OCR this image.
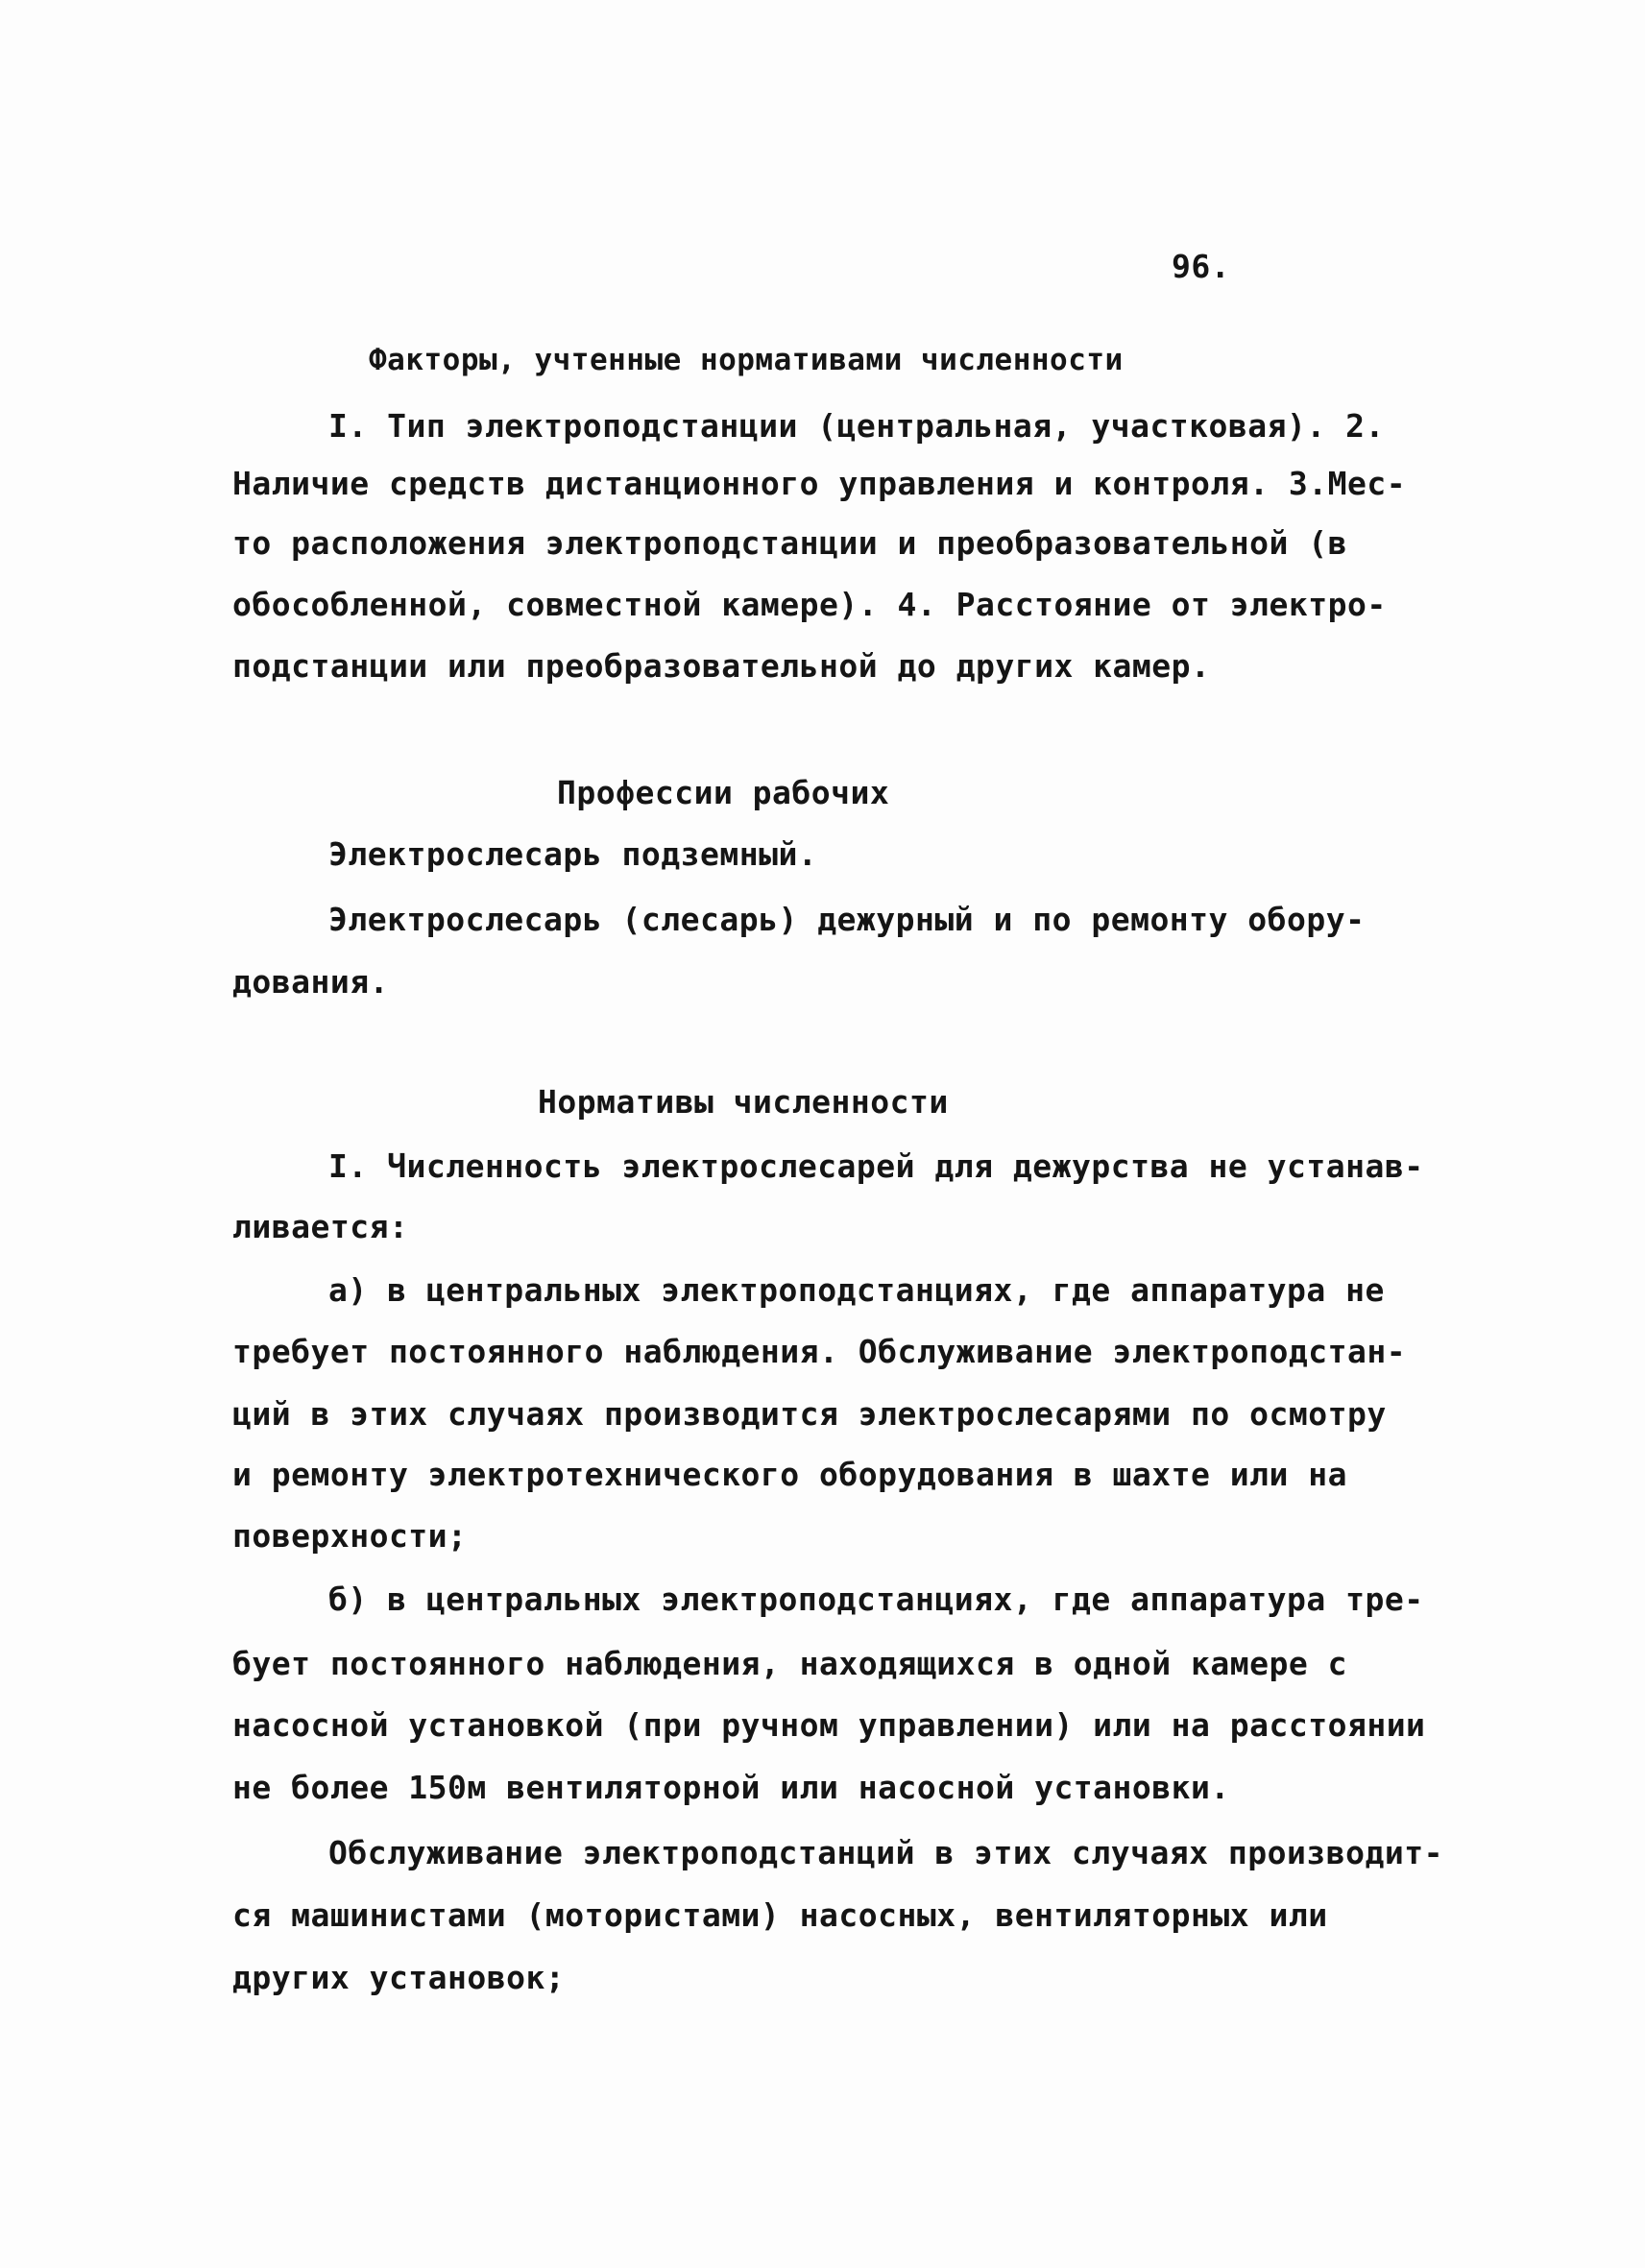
96.
Факторы, учтенные нормативами численности
I. Тип электроподстанции (центральная, участковая). 2.
Наличие средств дистанционного управления и контроля. 3.Мес-
то расположения электроподстанции и преобразовательной (в
обособленной, совместной камере). 4. Расстояние от электро-
подстанции или преобразовательной до других камер.
Профессии рабочих
Электрослесарь подземный.
Электрослесарь (слесарь) дежурный и по ремонту обору-
дования.
Нормативы численности
I. Численность электрослесарей для дежурства не устанав-
ливается:
а) в центральных электроподстанциях, где аппаратура не
требует постоянного наблюдения. Обслуживание электроподстан-
ций в этих случаях производится электрослесарями по осмотру
и ремонту электротехнического оборудования в шахте или на
поверхности;
б) в центральных электроподстанциях, где аппаратура тре-
бует постоянного наблюдения, находящихся в одной камере с
насосной установкой (при ручном управлении) или на расстоянии
не более 150м вентиляторной или насосной установки.
Обслуживание электроподстанций в этих случаях производит-
ся машинистами (мотористами) насосных, вентиляторных или
других установок;
